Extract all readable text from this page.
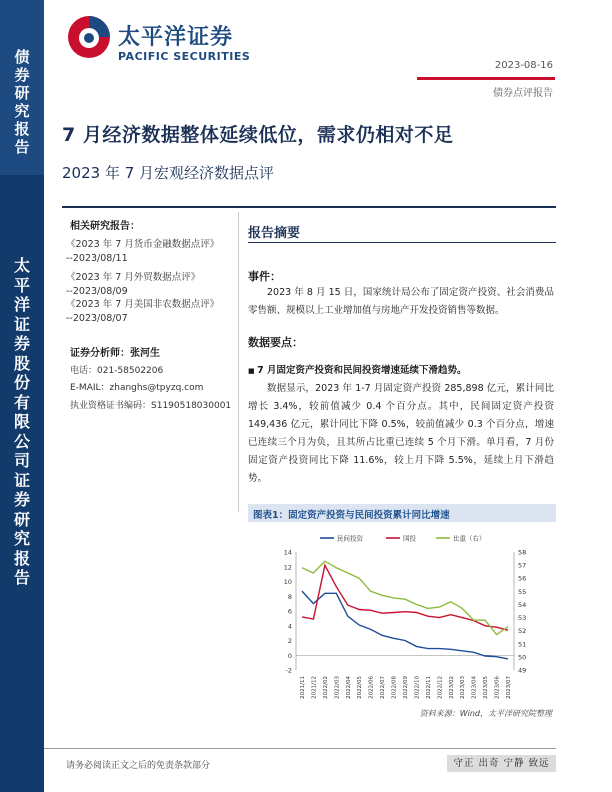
债券研究报告
太平洋证券股份有限公司证券研究报告
太平洋证券
PACIFIC SECURITIES
2023-08-16
债券点评报告
7 月经济数据整体延续低位，需求仍相对不足
2023 年 7 月宏观经济数据点评
相关研究报告：
《2023 年 7 月货币金融数据点评》
--2023/08/11
《2023 年 7 月外贸数据点评》
--2023/08/09
《2023 年 7 月美国非农数据点评》
--2023/08/07
证券分析师：张河生
电话：021-58502206
E-MAIL：zhanghs@tpyzq.com
执业资格证书编码：S1190518030001
报告摘要
事件：
2023 年 8 月 15 日，国家统计局公布了固定资产投资、社会消费品零售额、规模以上工业增加值与房地产开发投资销售等数据。
数据要点：
■ 7 月固定资产投资和民间投资增速延续下滑趋势。
数据显示，2023 年 1-7 月固定资产投资 285,898 亿元，累计同比增长 3.4%，较前值减少 0.4 个百分点。其中，民间固定资产投资 149,436 亿元，累计同比下降 0.5%，较前值减少 0.3 个百分点，增速已连续三个月为负，且其所占比重已连续 5 个月下滑。单月看，7 月份固定资产投资同比下降 11.6%，较上月下降 5.5%，延续上月下滑趋势。
图表1：固定资产投资与民间投资累计同比增速
-2
0
2
4
6
8
10
12
14
49
50
51
52
53
54
55
56
57
58
2021/11 2021/12 2022/02 2022/03 2022/04 2022/05 2022/06 2022/07 2022/08 2022/09 2022/10 2022/11 2022/12 2023/02 2023/03 2023/04 2023/05 2023/06 2023/07
民间投资	国投	比重（右）
资料来源：Wind，太平洋研究院整理
请务必阅读正文之后的免责条款部分	守正 出奇 宁静 致远
